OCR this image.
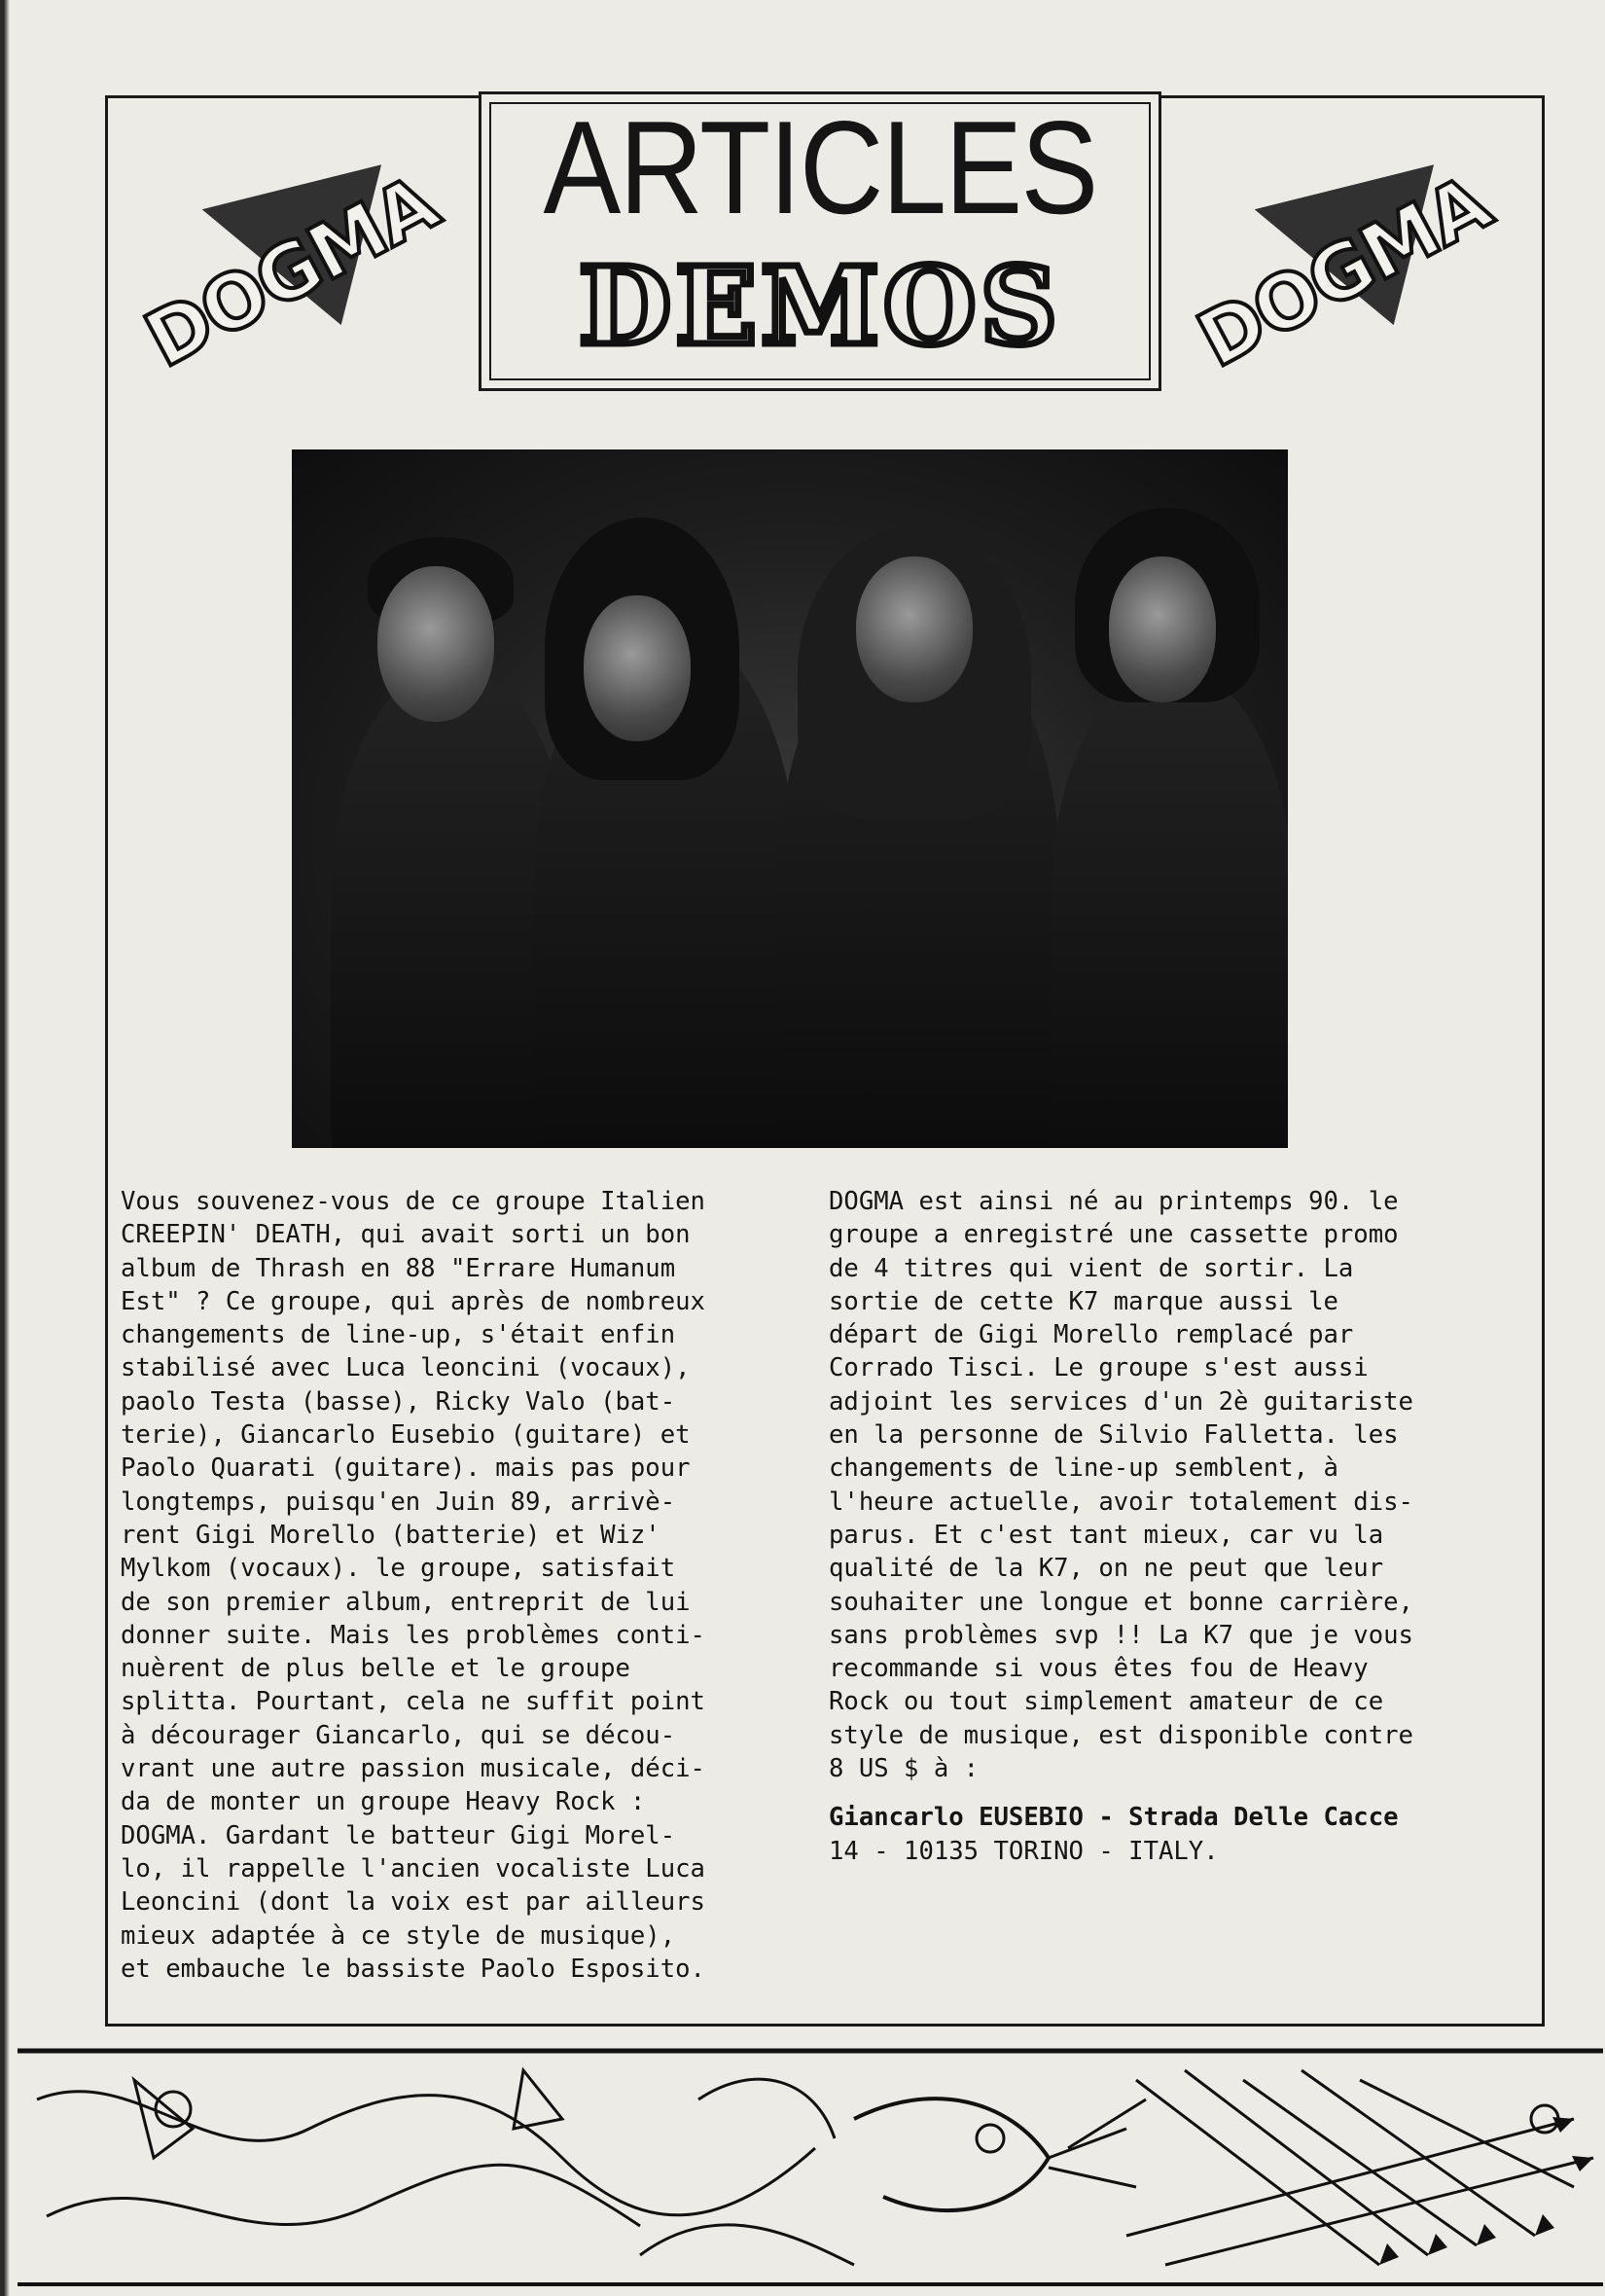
DOGMA	DOGMA
ARTICLES
DEMOS

Vous souvenez-vous de ce groupe Italien

CREEPIN' DEATH, qui avait sorti un bon

album de Thrash en 88 "Errare Humanum

Est" ? Ce groupe, qui après de nombreux

changements de line-up, s'était enfin

stabilisé avec Luca leoncini (vocaux),

paolo Testa (basse), Ricky Valo (bat-

terie), Giancarlo Eusebio (guitare) et

Paolo Quarati (guitare). mais pas pour

longtemps, puisqu'en Juin 89, arrivè-

rent Gigi Morello (batterie) et Wiz'

Mylkom (vocaux). le groupe, satisfait

de son premier album, entreprit de lui

donner suite. Mais les problèmes conti-

nuèrent de plus belle et le groupe

splitta. Pourtant, cela ne suffit point

à décourager Giancarlo, qui se décou-

vrant une autre passion musicale, déci-

da de monter un groupe Heavy Rock :

DOGMA. Gardant le batteur Gigi Morel-

lo, il rappelle l'ancien vocaliste Luca

Leoncini (dont la voix est par ailleurs

mieux adaptée à ce style de musique),

et embauche le bassiste Paolo Esposito.

DOGMA est ainsi né au printemps 90. le

groupe a enregistré une cassette promo

de 4 titres qui vient de sortir. La

sortie de cette K7 marque aussi le

départ de Gigi Morello remplacé par

Corrado Tisci. Le groupe s'est aussi

adjoint les services d'un 2è guitariste

en la personne de Silvio Falletta. les

changements de line-up semblent, à

l'heure actuelle, avoir totalement dis-

parus. Et c'est tant mieux, car vu la

qualité de la K7, on ne peut que leur

souhaiter une longue et bonne carrière,

sans problèmes svp !! La K7 que je vous

recommande si vous êtes fou de Heavy

Rock ou tout simplement amateur de ce

style de musique, est disponible contre

8 US $ à :

Giancarlo EUSEBIO - Strada Delle Cacce

14 - 10135 TORINO - ITALY.
